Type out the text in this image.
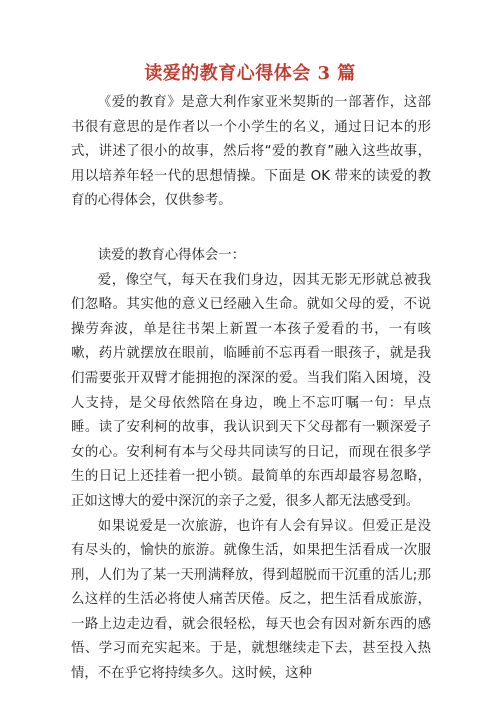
读爱的教育心得体会 3 篇

《爱的教育》是意大利作家亚米契斯的一部著作，这部书很有意思的是作者以一个小学生的名义，通过日记本的形式，讲述了很小的故事，然后将“爱的教育”融入这些故事，用以培养年轻一代的思想情操。下面是 OK 带来的读爱的教育的心得体会，仅供参考。

读爱的教育心得体会一：

爱，像空气，每天在我们身边，因其无影无形就总被我们忽略。其实他的意义已经融入生命。就如父母的爱，不说操劳奔波，单是往书架上新置一本孩子爱看的书，一有咳嗽，药片就摆放在眼前，临睡前不忘再看一眼孩子，就是我们需要张开双臂才能拥抱的深深的爱。当我们陷入困境，没人支持，是父母依然陪在身边，晚上不忘叮嘱一句：早点睡。读了安利柯的故事，我认识到天下父母都有一颗深爱子女的心。安利柯有本与父母共同读写的日记，而现在很多学生的日记上还挂着一把小锁。最简单的东西却最容易忽略，正如这博大的爱中深沉的亲子之爱，很多人都无法感受到。

如果说爱是一次旅游，也许有人会有异议。但爱正是没有尽头的，愉快的旅游。就像生活，如果把生活看成一次服刑，人们为了某一天刑满释放，得到超脱而干沉重的活儿;那么这样的生活必将使人痛苦厌倦。反之，把生活看成旅游，一路上边走边看，就会很轻松，每天也会有因对新东西的感悟、学习而充实起来。于是，就想继续走下去，甚至投入热情，不在乎它将持续多久。这时候，这种
